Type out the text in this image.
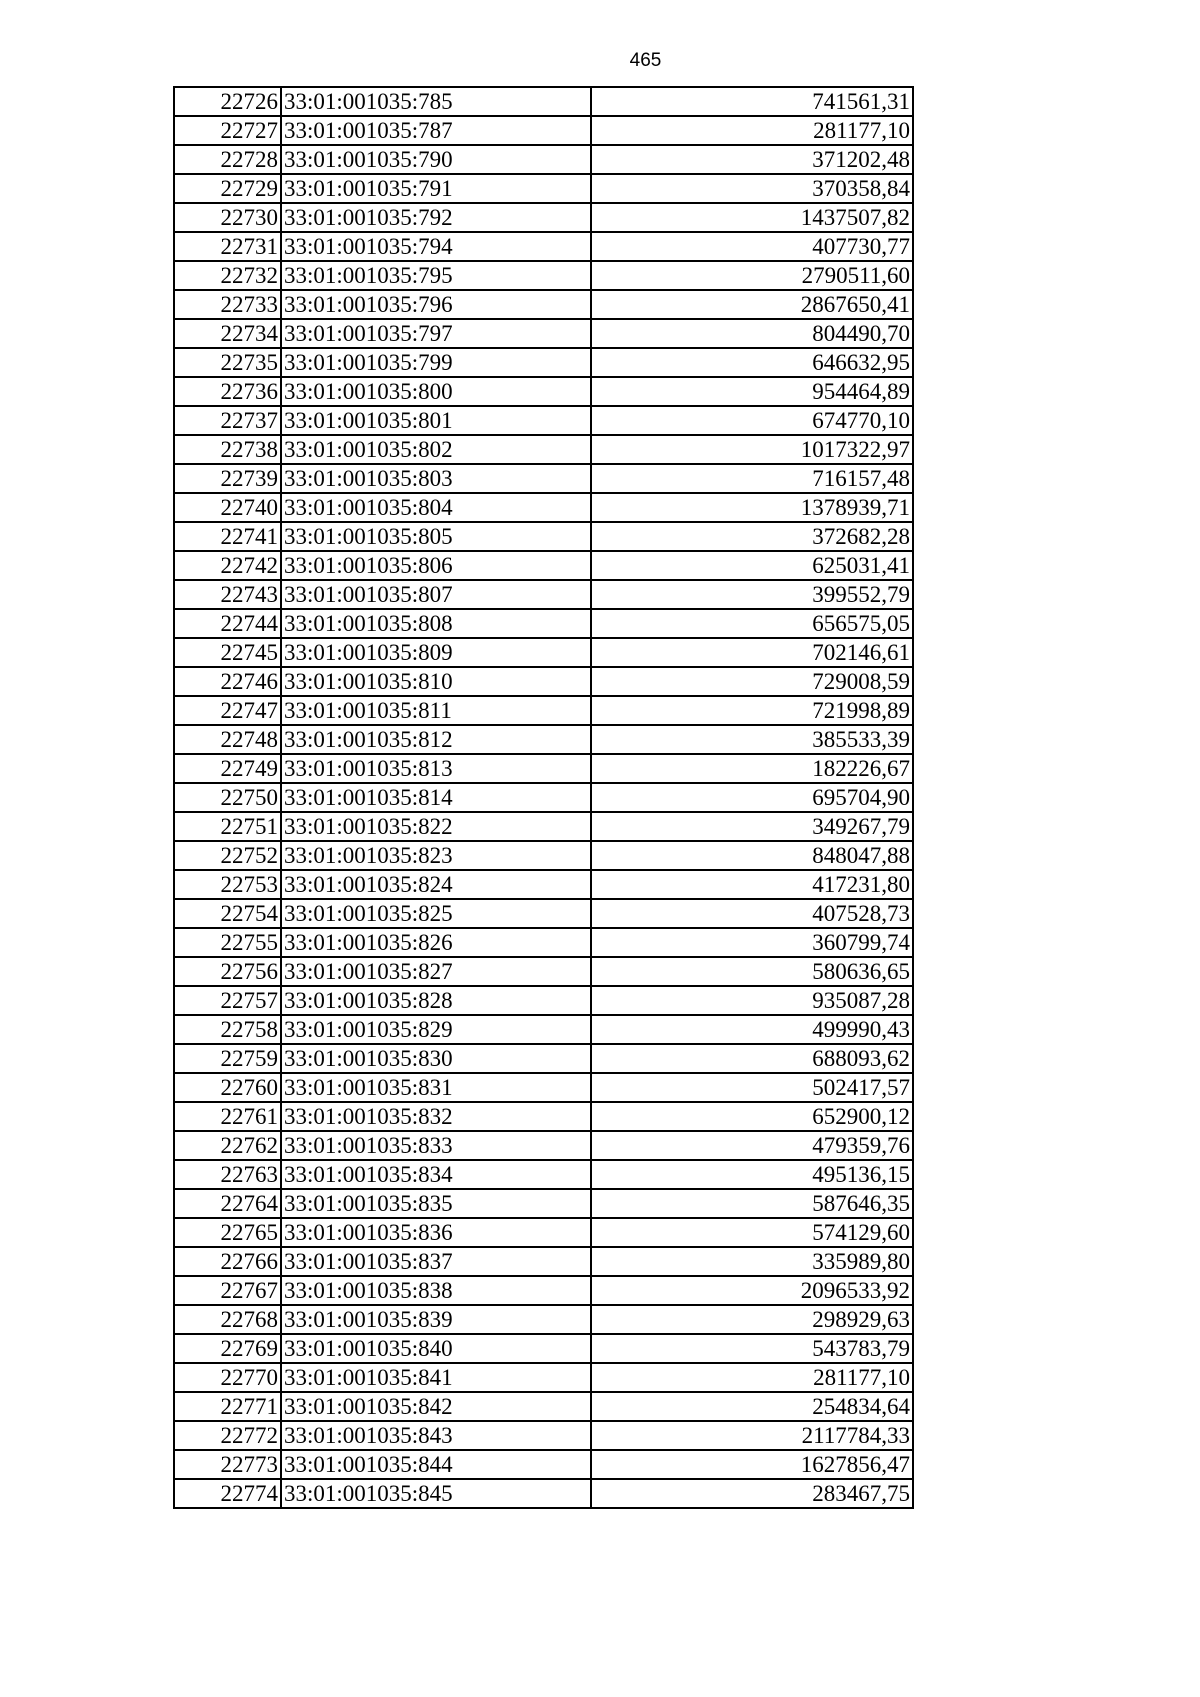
465
22726	33:01:001035:785	741561,31
22727	33:01:001035:787	281177,10
22728	33:01:001035:790	371202,48
22729	33:01:001035:791	370358,84
22730	33:01:001035:792	1437507,82
22731	33:01:001035:794	407730,77
22732	33:01:001035:795	2790511,60
22733	33:01:001035:796	2867650,41
22734	33:01:001035:797	804490,70
22735	33:01:001035:799	646632,95
22736	33:01:001035:800	954464,89
22737	33:01:001035:801	674770,10
22738	33:01:001035:802	1017322,97
22739	33:01:001035:803	716157,48
22740	33:01:001035:804	1378939,71
22741	33:01:001035:805	372682,28
22742	33:01:001035:806	625031,41
22743	33:01:001035:807	399552,79
22744	33:01:001035:808	656575,05
22745	33:01:001035:809	702146,61
22746	33:01:001035:810	729008,59
22747	33:01:001035:811	721998,89
22748	33:01:001035:812	385533,39
22749	33:01:001035:813	182226,67
22750	33:01:001035:814	695704,90
22751	33:01:001035:822	349267,79
22752	33:01:001035:823	848047,88
22753	33:01:001035:824	417231,80
22754	33:01:001035:825	407528,73
22755	33:01:001035:826	360799,74
22756	33:01:001035:827	580636,65
22757	33:01:001035:828	935087,28
22758	33:01:001035:829	499990,43
22759	33:01:001035:830	688093,62
22760	33:01:001035:831	502417,57
22761	33:01:001035:832	652900,12
22762	33:01:001035:833	479359,76
22763	33:01:001035:834	495136,15
22764	33:01:001035:835	587646,35
22765	33:01:001035:836	574129,60
22766	33:01:001035:837	335989,80
22767	33:01:001035:838	2096533,92
22768	33:01:001035:839	298929,63
22769	33:01:001035:840	543783,79
22770	33:01:001035:841	281177,10
22771	33:01:001035:842	254834,64
22772	33:01:001035:843	2117784,33
22773	33:01:001035:844	1627856,47
22774	33:01:001035:845	283467,75
